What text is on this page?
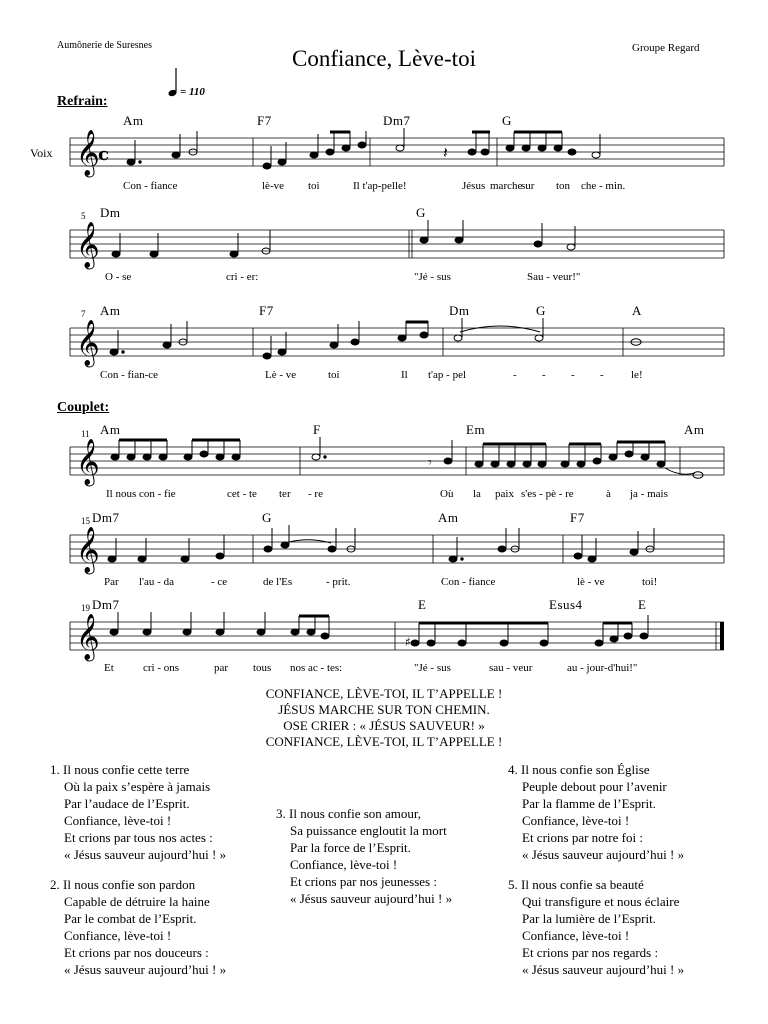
Aumônerie de Suresnes
Confiance, Lève-toi	Groupe Regard
= 110
Refrain:
Couplet:
Voix
Am	F7	Dm7	G
𝄞
c	𝄽
Con - fiance	lè-ve toi	Il t'ap-pelle!	Jésus marche
sur ton che - min.
5 Dm	G
𝄞
O - se	cri - er:	"Jé - sus	Sau - veur!"
7 Am	F7	Dm	G	A
𝄞
Con - fian-ce	Lè - ve	toi	Il t'ap - pel	- - - - le!
11 Am	F	Em	Am
𝄞	𝄾
Il nous con - fie	cet - te ter - re	Où la paix s'es - pè - re	à ja - mais
15 Dm7	G	Am	F7
𝄞
Par l'au - da	- ce	de l'Es	- prit.	Con - fiance	lè - ve	toi!
19 Dm7	E	Esus4	E
𝄞	♯
Et	cri - ons	par tous nos ac - tes:	"Jé - sus	sau - veur	au - jour-d'hui!"
CONFIANCE, LÈVE-TOI, IL T’APPELLE !
JÉSUS MARCHE SUR TON CHEMIN.
OSE CRIER : « JÉSUS SAUVEUR! »
CONFIANCE, LÈVE-TOI, IL T’APPELLE !
1. Il nous confie cette terre
Où la paix s’espère à jamais
Par l’audace de l’Esprit.
Confiance, lève-toi !
Et crions par tous nos actes :
« Jésus sauveur aujourd’hui ! »
2. Il nous confie son pardon
Capable de détruire la haine
Par le combat de l’Esprit.
Confiance, lève-toi !
Et crions par nos douceurs :
« Jésus sauveur aujourd’hui ! »
3. Il nous confie son amour,
Sa puissance engloutit la mort
Par la force de l’Esprit.
Confiance, lève-toi !
Et crions par nos jeunesses :
« Jésus sauveur aujourd’hui ! »
4. Il nous confie son Église
Peuple debout pour l’avenir
Par la flamme de l’Esprit.
Confiance, lève-toi !
Et crions par notre foi :
« Jésus sauveur aujourd’hui ! »
5. Il nous confie sa beauté
Qui transfigure et nous éclaire
Par la lumière de l’Esprit.
Confiance, lève-toi !
Et crions par nos regards :
« Jésus sauveur aujourd’hui ! »
